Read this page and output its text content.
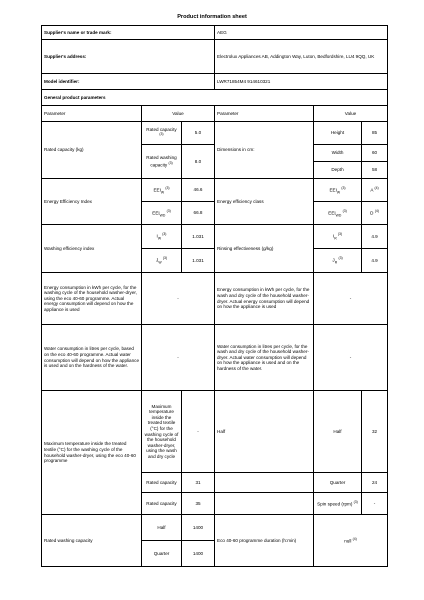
Product information sheet
Supplier's name or trade mark:			AEG		
Supplier's address:			Electrolux Appliances AB, Addington Way, Luton, Bedfordshire, LU4 9QQ, UK		
Model identifier:			LWR71854M4 914610321		
General product parameters					
Parameter	Value		Parameter	Value	
Rated capacity (kg)	Rated capacity $^{(3)}$	5.0	Dimensions in cm:	Height	85
	Rated washing capacity $^{(3)}$	8.0		Width	60
				Depth	58
Energy Efficiency Index	$EEI_W$ $^{(3)}$	46.6	Energy efficiency class	$EEI_W$ $^{(3)}$	A $^{(4)}$
	$EEI_{WD}$ $^{(3)}$	66.8		$EEI_{WD}$ $^{(3)}$	D $^{(4)}$
Washing efficiency index	$I_W$ $^{(3)}$	1.031	Rinsing effectiveness (g/kg)	$I_R$ $^{(3)}$	4.9
	$J_W$ $^{(3)}$	1.031		$J_R$ $^{(3)}$	4.9
Energy consumption in kWh per cycle, for the washing cycle of the household washer-dryer, using the eco 40-60 programme. Actual energy consumption will depend on how the appliance is used	-		Energy consumption in kWh per cycle, for the wash and dry cycle of the household washer-dryer. Actual energy consumption will depend on how the appliance is used	-	
Water consumption in litres per cycle, based on the eco 40-60 programme. Actual water consumption will depend on how the appliance is used and on the hardness of the water.	-		Water consumption in litres per cycle, for the wash and dry cycle of the household washer-dryer. Actual water consumption will depend on how the appliance is used and on the hardness of the water.	-	
Maximum temperature inside the treated textile (°C) for the washing cycle of the household washer-dryer, using the eco 40-60 programme	Maximum temperature inside the treated textile (°C) for the washing cycle of the household washer-dryer, using the wash and dry cycle	-	Half	Half	32
	Rated capacity	31		Quarter	24
	Rated capacity	35		Spin speed (rpm) $^{(3)}$	-
Rated washing capacity	Half	1400	Eco 40-60 programme duration (h:min)	null $^{(4)}$
	Quarter	1400			
